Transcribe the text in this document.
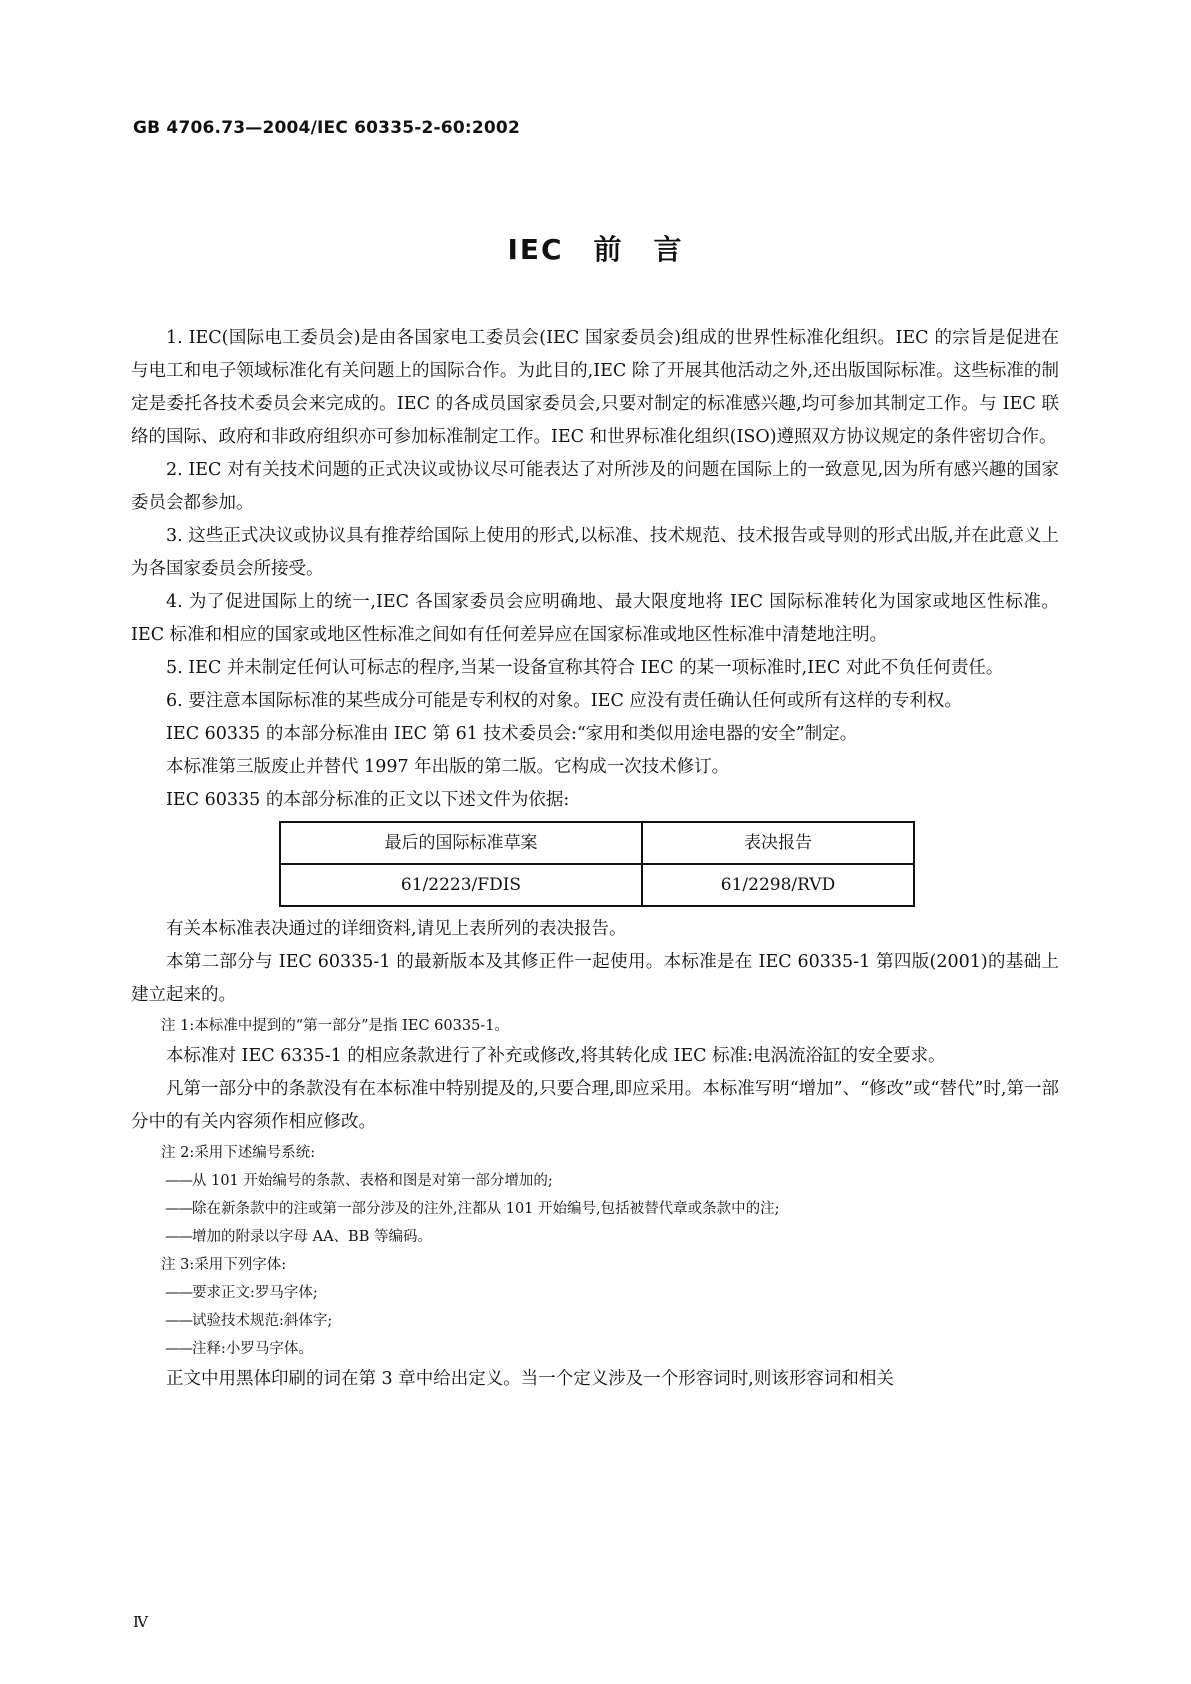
GB 4706.73—2004/IEC 60335-2-60:2002
IEC 前 言

1. IEC(国际电工委员会)是由各国家电工委员会(IEC 国家委员会)组成的世界性标准化组织。IEC 的宗旨是促进在与电工和电子领域标准化有关问题上的国际合作。为此目的,IEC 除了开展其他活动之外,还出版国际标准。这些标准的制定是委托各技术委员会来完成的。IEC 的各成员国家委员会,只要对制定的标准感兴趣,均可参加其制定工作。与 IEC 联络的国际、政府和非政府组织亦可参加标准制定工作。IEC 和世界标准化组织(ISO)遵照双方协议规定的条件密切合作。

2. IEC 对有关技术问题的正式决议或协议尽可能表达了对所涉及的问题在国际上的一致意见,因为所有感兴趣的国家委员会都参加。

3. 这些正式决议或协议具有推荐给国际上使用的形式,以标准、技术规范、技术报告或导则的形式出版,并在此意义上为各国家委员会所接受。

4. 为了促进国际上的统一,IEC 各国家委员会应明确地、最大限度地将 IEC 国际标准转化为国家或地区性标准。IEC 标准和相应的国家或地区性标准之间如有任何差异应在国家标准或地区性标准中清楚地注明。

5. IEC 并未制定任何认可标志的程序,当某一设备宣称其符合 IEC 的某一项标准时,IEC 对此不负任何责任。

6. 要注意本国际标准的某些成分可能是专利权的对象。IEC 应没有责任确认任何或所有这样的专利权。

IEC 60335 的本部分标准由 IEC 第 61 技术委员会:“家用和类似用途电器的安全”制定。

本标准第三版废止并替代 1997 年出版的第二版。它构成一次技术修订。

IEC 60335 的本部分标准的正文以下述文件为依据:

最后的国际标准草案	表决报告
61/2223/FDIS	61/2298/RVD

有关本标准表决通过的详细资料,请见上表所列的表决报告。

本第二部分与 IEC 60335-1 的最新版本及其修正件一起使用。本标准是在 IEC 60335-1 第四版(2001)的基础上建立起来的。

注 1:本标准中提到的“第一部分”是指 IEC 60335-1。

本标准对 IEC 6335-1 的相应条款进行了补充或修改,将其转化成 IEC 标准:电涡流浴缸的安全要求。

凡第一部分中的条款没有在本标准中特别提及的,只要合理,即应采用。本标准写明“增加”、“修改”或“替代”时,第一部分中的有关内容须作相应修改。

注 2:采用下述编号系统:

——从 101 开始编号的条款、表格和图是对第一部分增加的;

——除在新条款中的注或第一部分涉及的注外,注都从 101 开始编号,包括被替代章或条款中的注;

——增加的附录以字母 AA、BB 等编码。

注 3:采用下列字体:

——要求正文:罗马字体;

——试验技术规范:斜体字;

——注释:小罗马字体。

正文中用黑体印刷的词在第 3 章中给出定义。当一个定义涉及一个形容词时,则该形容词和相关

Ⅳ
